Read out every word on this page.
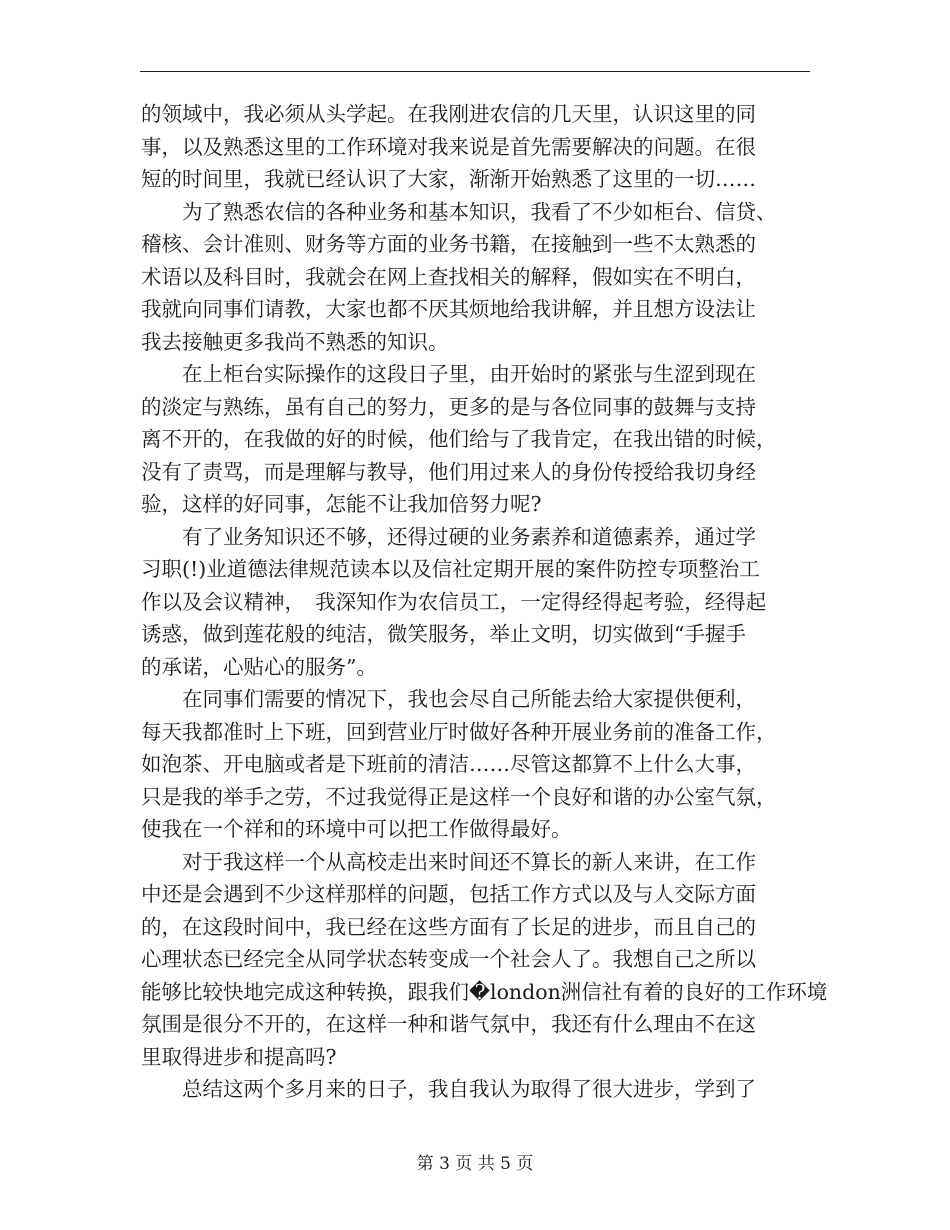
的领域中，我必须从头学起。在我刚进农信的几天里，认识这里的同
事，以及熟悉这里的工作环境对我来说是首先需要解决的问题。在很
短的时间里，我就已经认识了大家，渐渐开始熟悉了这里的一切……
　　为了熟悉农信的各种业务和基本知识，我看了不少如柜台、信贷、
稽核、会计准则、财务等方面的业务书籍，在接触到一些不太熟悉的
术语以及科目时，我就会在网上查找相关的解释，假如实在不明白，
我就向同事们请教，大家也都不厌其烦地给我讲解，并且想方设法让
我去接触更多我尚不熟悉的知识。
　　在上柜台实际操作的这段日子里，由开始时的紧张与生涩到现在
的淡定与熟练，虽有自己的努力，更多的是与各位同事的鼓舞与支持
离不开的，在我做的好的时候，他们给与了我肯定，在我出错的时候，
没有了责骂，而是理解与教导，他们用过来人的身份传授给我切身经
验，这样的好同事，怎能不让我加倍努力呢?
　　有了业务知识还不够，还得过硬的业务素养和道德素养，通过学
习职(!)业道德法律规范读本以及信社定期开展的案件防控专项整治工
作以及会议精神，　我深知作为农信员工，一定得经得起考验，经得起
诱惑，做到莲花般的纯洁，微笑服务，举止文明，切实做到“手握手
的承诺，心贴心的服务”。
　　在同事们需要的情况下，我也会尽自己所能去给大家提供便利，
每天我都准时上下班，回到营业厅时做好各种开展业务前的准备工作，
如泡茶、开电脑或者是下班前的清洁……尽管这都算不上什么大事，
只是我的举手之劳，不过我觉得正是这样一个良好和谐的办公室气氛，
使我在一个祥和的环境中可以把工作做得最好。
　　对于我这样一个从高校走出来时间还不算长的新人来讲，在工作
中还是会遇到不少这样那样的问题，包括工作方式以及与人交际方面
的，在这段时间中，我已经在这些方面有了长足的进步，而且自己的
心理状态已经完全从同学状态转变成一个社会人了。我想自己之所以
能够比较快地完成这种转换，跟我们�london洲信社有着的良好的工作环境
氛围是很分不开的，在这样一种和谐气氛中，我还有什么理由不在这
里取得进步和提高吗?
　　总结这两个多月来的日子，我自我认为取得了很大进步，学到了
第 3 页 共 5 页
